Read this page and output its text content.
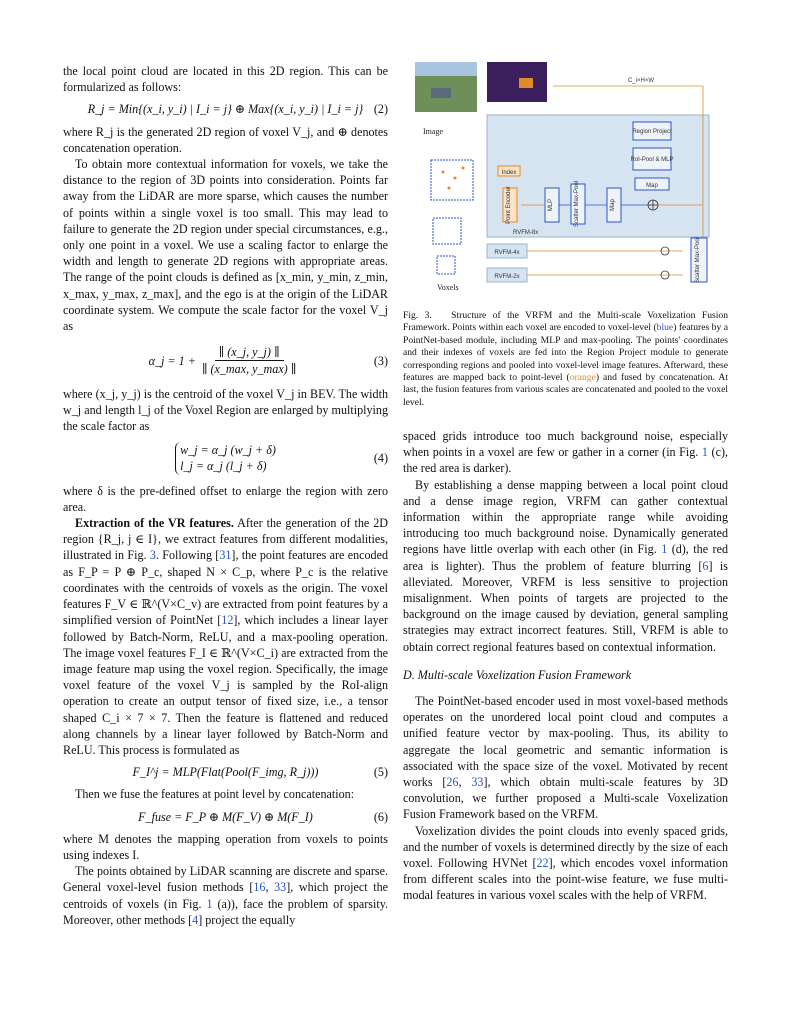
the local point cloud are located in this 2D region. This can be formularized as follows:

R_j = Min{(x_i, y_i) | I_i = j} ⊕ Max{(x_i, y_i) | I_i = j} (2)

where R_j is the generated 2D region of voxel V_j, and ⊕ denotes concatenation operation.

To obtain more contextual information for voxels, we take the distance to the region of 3D points into consideration. Points far away from the LiDAR are more sparse, which causes the number of points within a single voxel is too small. This may lead to failure to generate the 2D region under special circumstances, e.g., only one point in a voxel. We use a scaling factor to enlarge the width and length to generate 2D regions with appropriate areas. The range of the point clouds is defined as [x_min, y_min, z_min, x_max, y_max, z_max], and the ego is at the origin of the LiDAR coordinate system. We compute the scale factor for the voxel V_j as

α_j = $1 + \frac{\parallel (x\_j, y\_j) \parallel}{\parallel (x\_\max, y\_\max) \parallel}$	(3)

where (x_j, y_j) is the centroid of the voxel V_j in BEV. The width w_j and length l_j of the Voxel Region are enlarged by multiplying the scale factor as

w_j = α_j (w_j + δ)
l_j = α_j (l_j + δ)
(4)

where δ is the pre-defined offset to enlarge the region with zero area.

Extraction of the VR features. After the generation of the 2D region {R_j, j ∈ I}, we extract features from different modalities, illustrated in Fig. 3. Following [31], the point features are encoded as F_P = P ⊕ P_c, shaped N × C_p, where P_c is the relative coordinates with the centroids of voxels as the origin. The voxel features F_V ∈ ℝ^(V×C_v) are extracted from point features by a simplified version of PointNet [12], which includes a linear layer followed by Batch-Norm, ReLU, and a max-pooling operation. The image voxel features F_I ∈ ℝ^(V×C_i) are extracted from the image feature map using the voxel region. Specifically, the image voxel feature of the voxel V_j is sampled by the RoI-align operation to create an output tensor of fixed size, i.e., a tensor shaped C_i × 7 × 7. Then the feature is flattened and reduced along channels by a linear layer followed by Batch-Norm and ReLU. This process is formulated as

F_I^j = MLP(Flat(Pool(F_img, R_j)))	(5)

Then we fuse the features at point level by concatenation:

F_fuse = F_P ⊕ M(F_V) ⊕ M(F_I)	(6)

where M denotes the mapping operation from voxels to points using indexes I.

The points obtained by LiDAR scanning are discrete and sparse. General voxel-level fusion methods [16, 33], which project the centroids of voxels (in Fig. 1 (a)), face the problem of sparsity. Moreover, other methods [4] project the equally

Image
C_i×H×W
Region Project
RoI-Pool & MLP
Map
Index
Point Encoder	MLP	Scatter Max-Pool	Map
RVFM-8x
Voxels
RVFM-4x
RVFM-2x	Scatter Max-Pool
Fig. 3. Structure of the VRFM and the Multi-scale Voxelization Fusion Framework. Points within each voxel are encoded to voxel-level (blue) features by a PointNet-based module, including MLP and max-pooling. The points' coordinates and their indexes of voxels are fed into the Region Project module to generate corresponding regions and pooled into voxel-level image features. Afterward, these features are mapped back to point-level (orange) and fused by concatenation. At last, the fusion features from various scales are concatenated and pooled to the voxel level.

spaced grids introduce too much background noise, especially when points in a voxel are few or gather in a corner (in Fig. 1 (c), the red area is darker).

By establishing a dense mapping between a local point cloud and a dense image region, VRFM can gather contextual information within the appropriate range while avoiding introducing too much background noise. Dynamically generated regions have little overlap with each other (in Fig. 1 (d), the red area is lighter). Thus the problem of feature blurring [6] is alleviated. Moreover, VRFM is less sensitive to projection misalignment. When points of targets are projected to the background on the image caused by deviation, general sampling strategies may extract incorrect features. Still, VRFM is able to obtain correct regional features based on contextual information.

D. Multi-scale Voxelization Fusion Framework

The PointNet-based encoder used in most voxel-based methods operates on the unordered local point cloud and computes a unified feature vector by max-pooling. Thus, its ability to aggregate the local geometric and semantic information is associated with the space size of the voxel. Motivated by recent works [26, 33], which obtain multi-scale features by 3D convolution, we further proposed a Multi-scale Voxelization Fusion Framework based on the VRFM.

Voxelization divides the point clouds into evenly spaced grids, and the number of voxels is determined directly by the size of each voxel. Following HVNet [22], which encodes voxel information from different scales into the point-wise feature, we fuse multi-modal features in various voxel scales with the help of VRFM.
